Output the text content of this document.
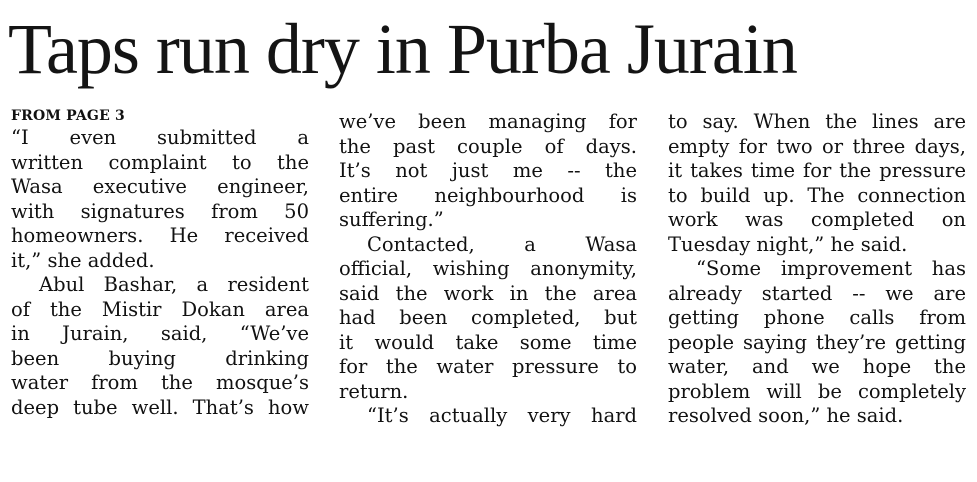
Taps run dry in Purba Jurain
FROM PAGE 3
“I even submitted a
written complaint to the
Wasa executive engineer,
with signatures from 50
homeowners. He received
it,” she added.
Abul Bashar, a resident
of the Mistir Dokan area
in Jurain, said, “We’ve
been buying drinking
water from the mosque’s
deep tube well. That’s how
we’ve been managing for
the past couple of days.
It’s not just me -- the
entire neighbourhood is
suffering.”
Contacted, a Wasa
official, wishing anonymity,
said the work in the area
had been completed, but
it would take some time
for the water pressure to
return.
“It’s actually very hard
to say. When the lines are
empty for two or three days,
it takes time for the pressure
to build up. The connection
work was completed on
Tuesday night,” he said.
“Some improvement has
already started -- we are
getting phone calls from
people saying they’re getting
water, and we hope the
problem will be completely
resolved soon,” he said.
